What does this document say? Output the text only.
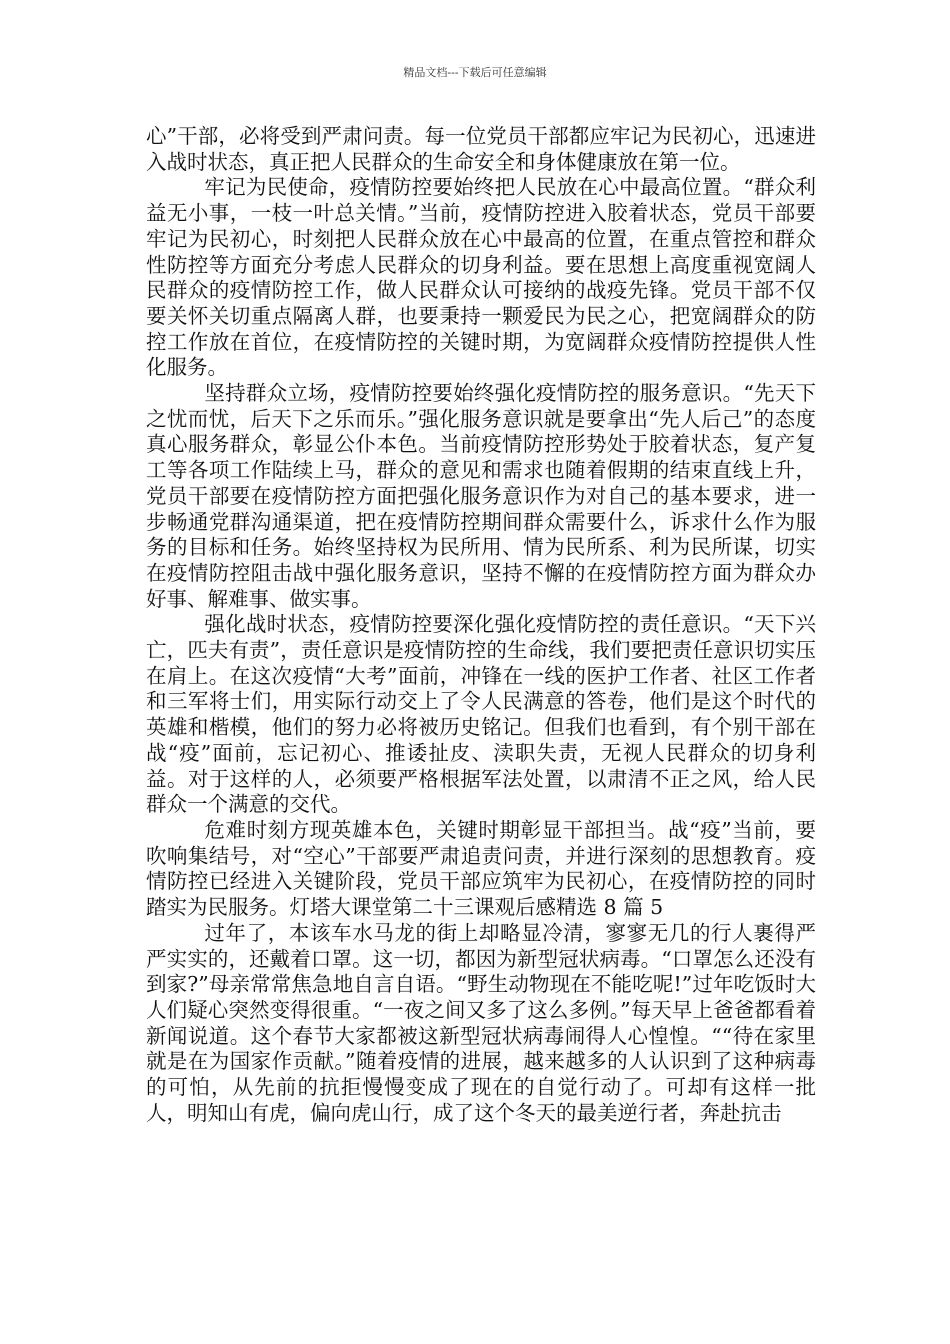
精品文档---下载后可任意编辑

心”干部，必将受到严肃问责。每一位党员干部都应牢记为民初心，迅速进入战时状态，真正把人民群众的生命安全和身体健康放在第一位。

牢记为民使命，疫情防控要始终把人民放在心中最高位置。“群众利益无小事，一枝一叶总关情。”当前，疫情防控进入胶着状态，党员干部要牢记为民初心，时刻把人民群众放在心中最高的位置，在重点管控和群众性防控等方面充分考虑人民群众的切身利益。要在思想上高度重视宽阔人民群众的疫情防控工作，做人民群众认可接纳的战疫先锋。党员干部不仅要关怀关切重点隔离人群，也要秉持一颗爱民为民之心，把宽阔群众的防控工作放在首位，在疫情防控的关键时期，为宽阔群众疫情防控提供人性化服务。

坚持群众立场，疫情防控要始终强化疫情防控的服务意识。“先天下之忧而忧，后天下之乐而乐。”强化服务意识就是要拿出“先人后己”的态度真心服务群众，彰显公仆本色。当前疫情防控形势处于胶着状态，复产复工等各项工作陆续上马，群众的意见和需求也随着假期的结束直线上升，党员干部要在疫情防控方面把强化服务意识作为对自己的基本要求，进一步畅通党群沟通渠道，把在疫情防控期间群众需要什么，诉求什么作为服务的目标和任务。始终坚持权为民所用、情为民所系、利为民所谋，切实在疫情防控阻击战中强化服务意识，坚持不懈的在疫情防控方面为群众办好事、解难事、做实事。

强化战时状态，疫情防控要深化强化疫情防控的责任意识。“天下兴亡，匹夫有责”，责任意识是疫情防控的生命线，我们要把责任意识切实压在肩上。在这次疫情“大考”面前，冲锋在一线的医护工作者、社区工作者和三军将士们，用实际行动交上了令人民满意的答卷，他们是这个时代的英雄和楷模，他们的努力必将被历史铭记。但我们也看到，有个别干部在战“疫”面前，忘记初心、推诿扯皮、渎职失责，无视人民群众的切身利益。对于这样的人，必须要严格根据军法处置，以肃清不正之风，给人民群众一个满意的交代。

危难时刻方现英雄本色，关键时期彰显干部担当。战“疫”当前，要吹响集结号，对“空心”干部要严肃追责问责，并进行深刻的思想教育。疫情防控已经进入关键阶段，党员干部应筑牢为民初心，在疫情防控的同时踏实为民服务。灯塔大课堂第二十三课观后感精选 8 篇 5

过年了，本该车水马龙的街上却略显冷清，寥寥无几的行人裹得严严实实的，还戴着口罩。这一切，都因为新型冠状病毒。“口罩怎么还没有到家?”母亲常常焦急地自言自语。“野生动物现在不能吃呢!”过年吃饭时大人们疑心突然变得很重。“一夜之间又多了这么多例。”每天早上爸爸都看着新闻说道。这个春节大家都被这新型冠状病毒闹得人心惶惶。““待在家里就是在为国家作贡献。”随着疫情的进展，越来越多的人认识到了这种病毒的可怕，从先前的抗拒慢慢变成了现在的自觉行动了。可却有这样一批人，明知山有虎，偏向虎山行，成了这个冬天的最美逆行者，奔赴抗击
